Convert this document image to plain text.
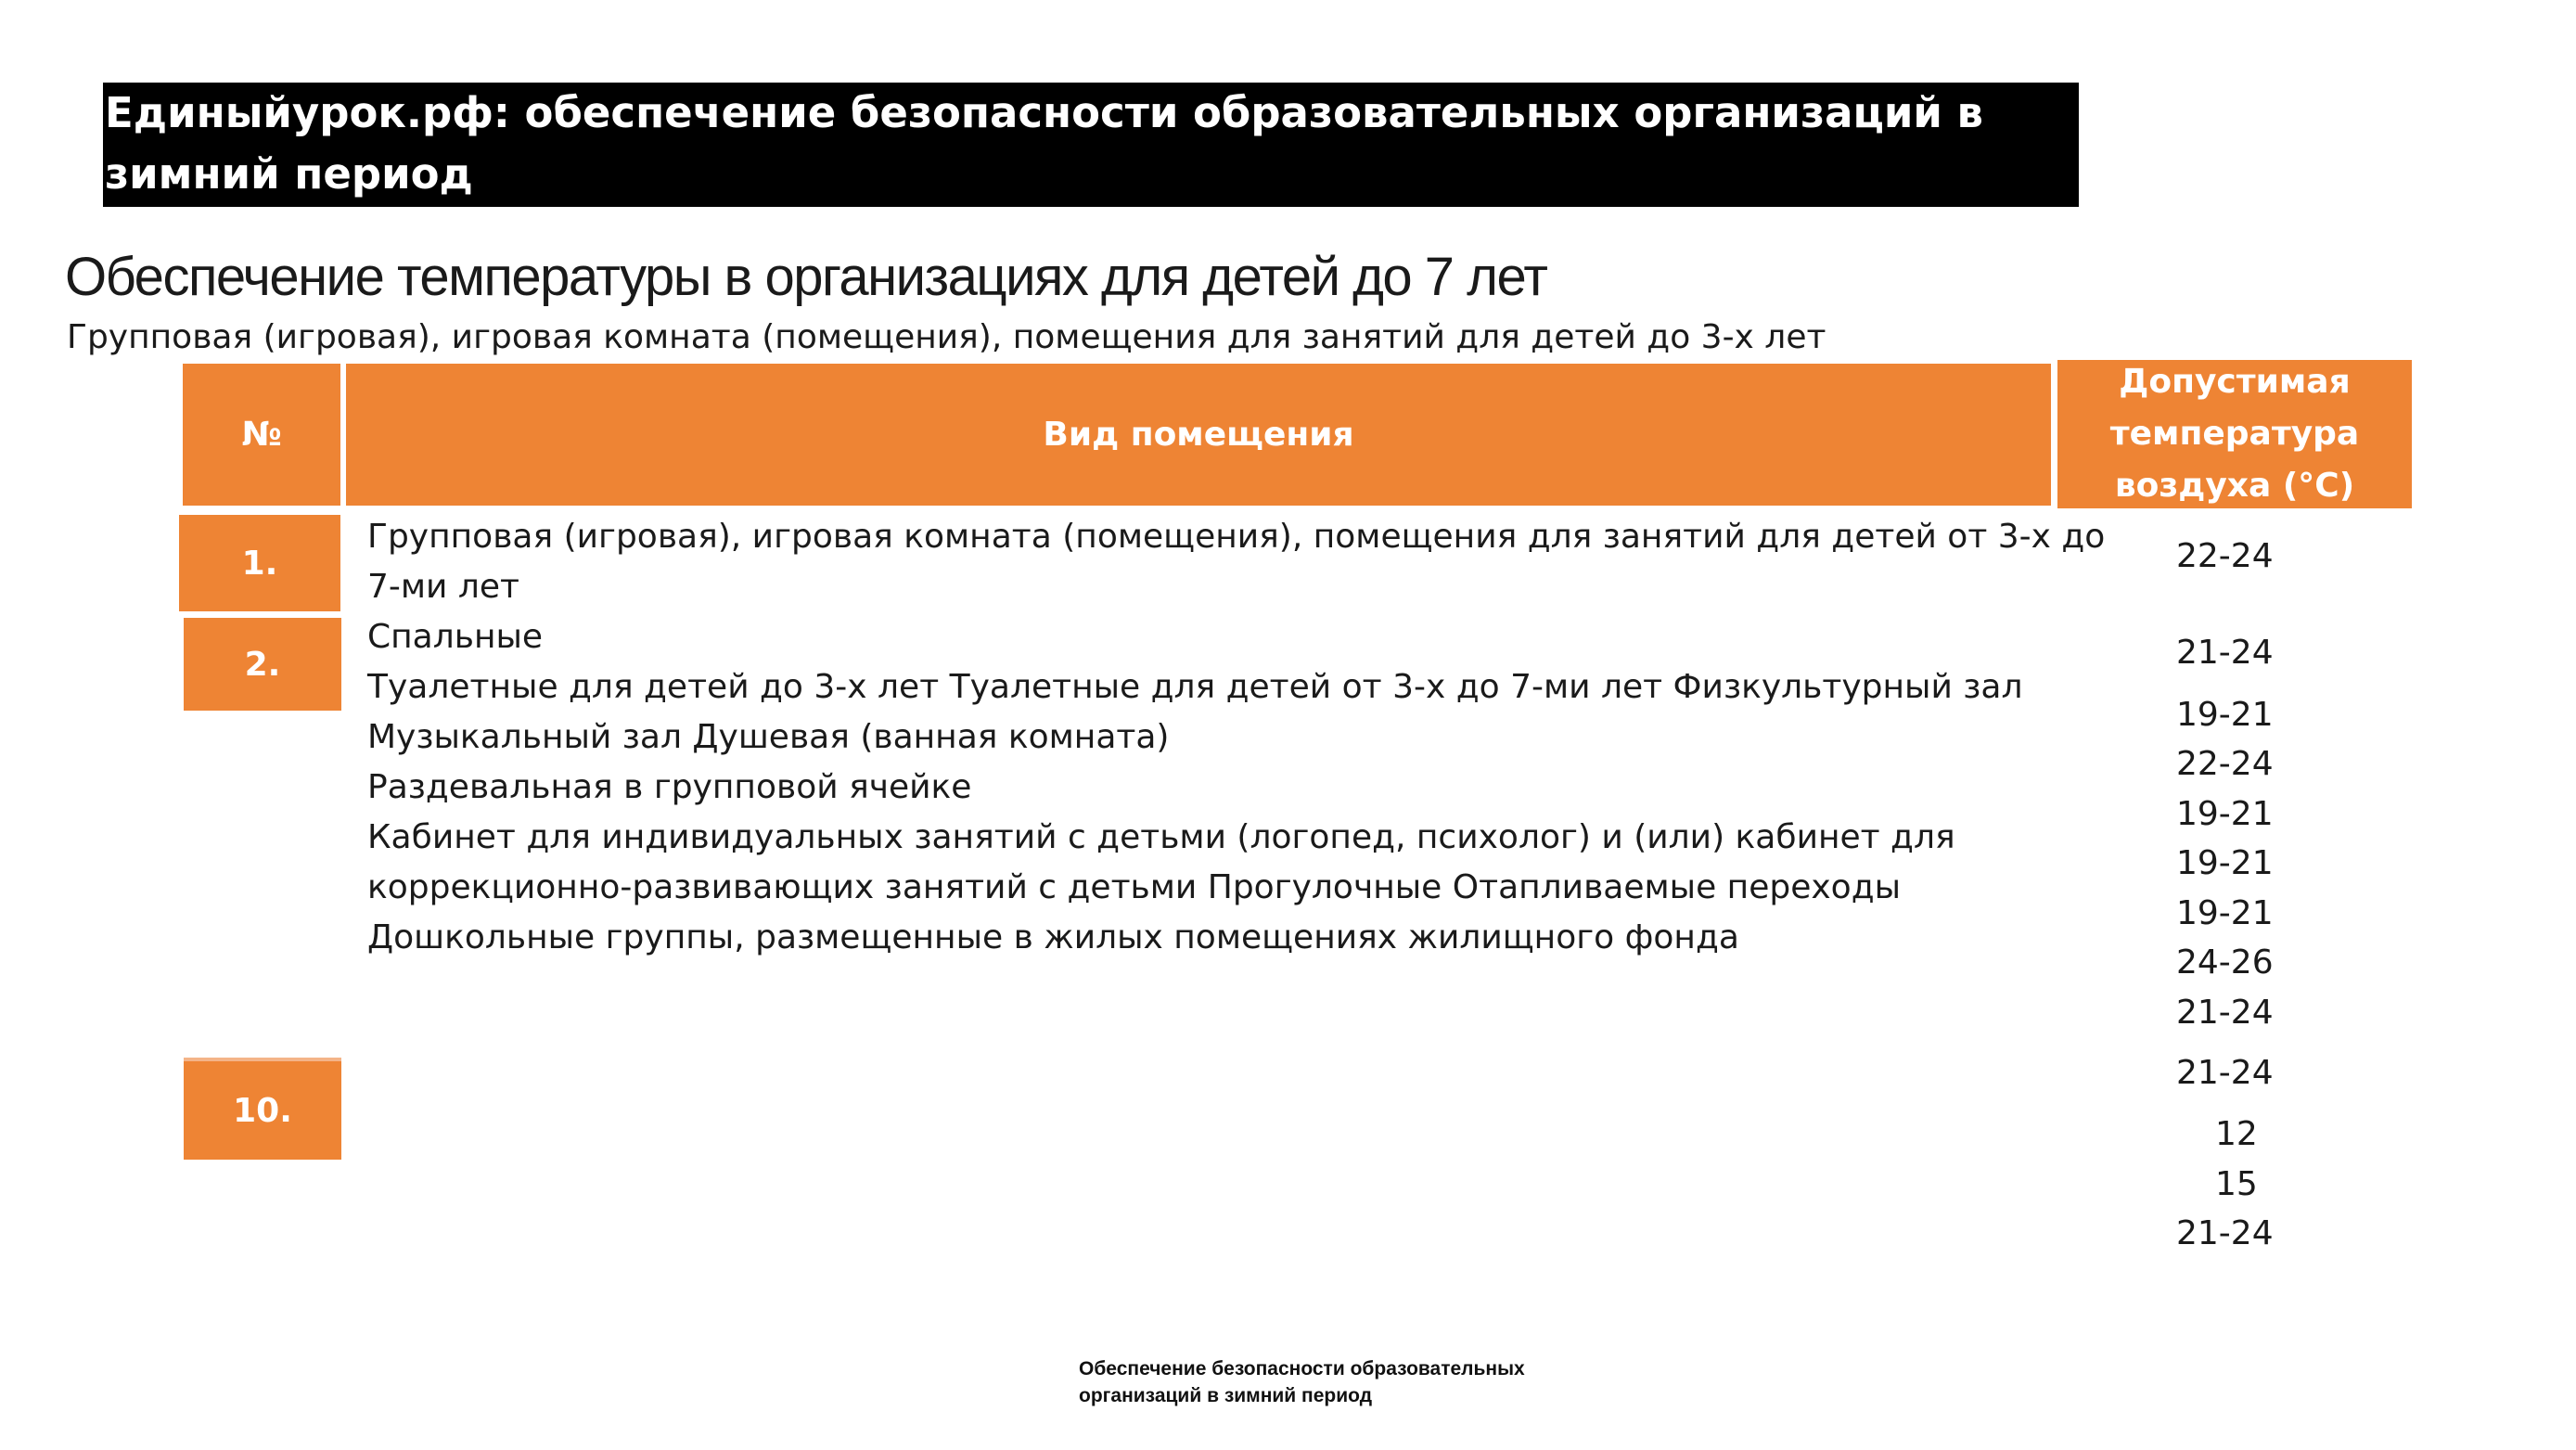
Единыйурок.рф: обеспечение безопасности образовательных организаций в зимний период
Обеспечение температуры в организациях для детей до 7 лет
Групповая (игровая), игровая комната (помещения), помещения для занятий для детей до 3-х лет
№	Вид помещения
Допустимая температура воздуха (°С)
1.
2.
10.
Групповая (игровая), игровая комната (помещения), помещения для занятий для детей от 3-х до
7-ми лет
Спальные
Туалетные для детей до 3-х лет Туалетные для детей от 3-х до 7-ми лет Физкультурный зал
Музыкальный зал Душевая (ванная комната)
Раздевальная в групповой ячейке
Кабинет для индивидуальных занятий с детьми (логопед, психолог) и (или) кабинет для
коррекционно-развивающих занятий с детьми Прогулочные Отапливаемые переходы
Дошкольные группы, размещенные в жилых помещениях жилищного фонда
22-24
21-24
19-21
22-24
19-21
19-21
19-21
24-26
21-24
21-24
12
15
21-24
Обеспечение безопасности образовательных
организаций в зимний период
